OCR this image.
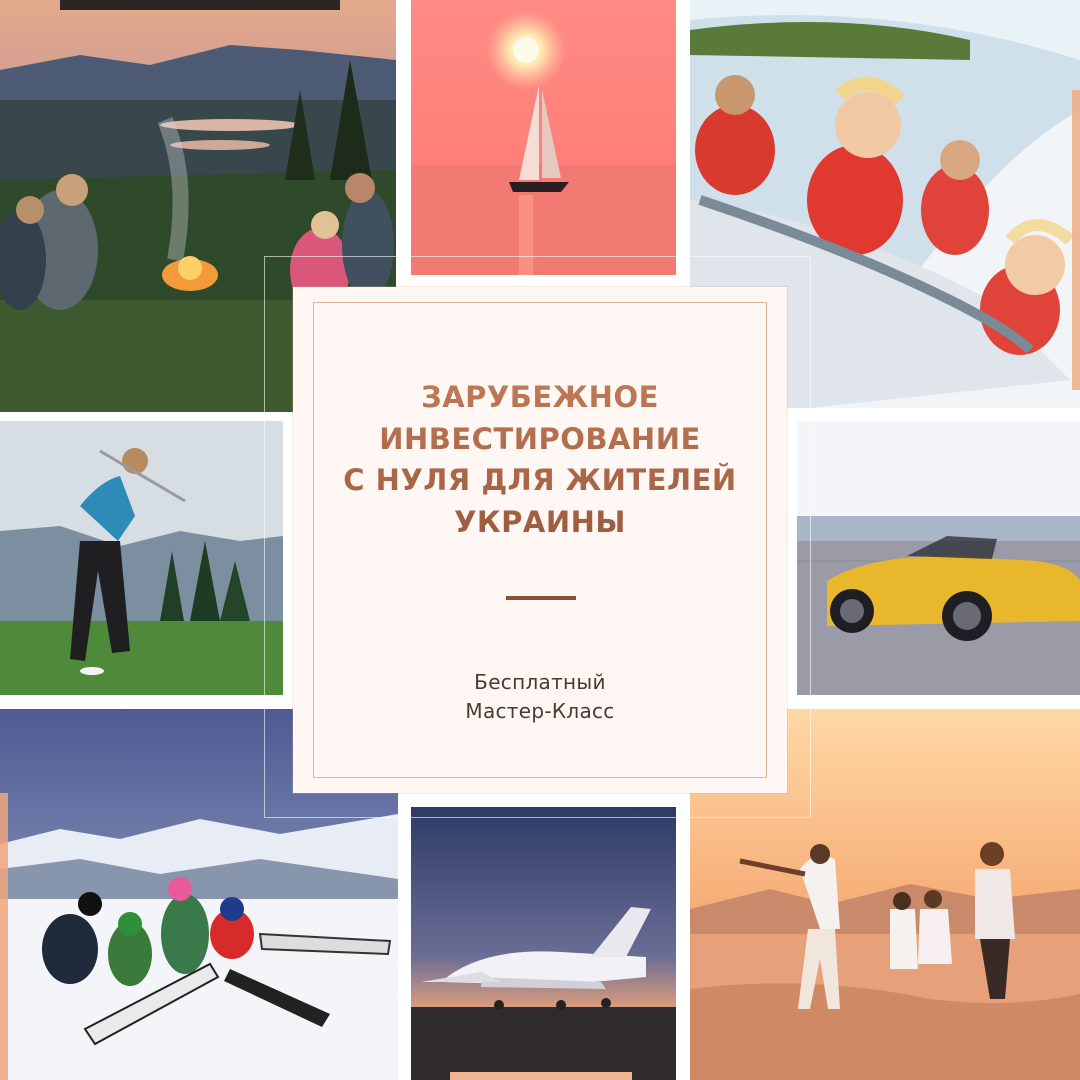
ЗАРУБЕЖНОЕ
ИНВЕСТИРОВАНИЕ
С НУЛЯ ДЛЯ ЖИТЕЛЕЙ
УКРАИНЫ
Бесплатный
Мастер-Класс
